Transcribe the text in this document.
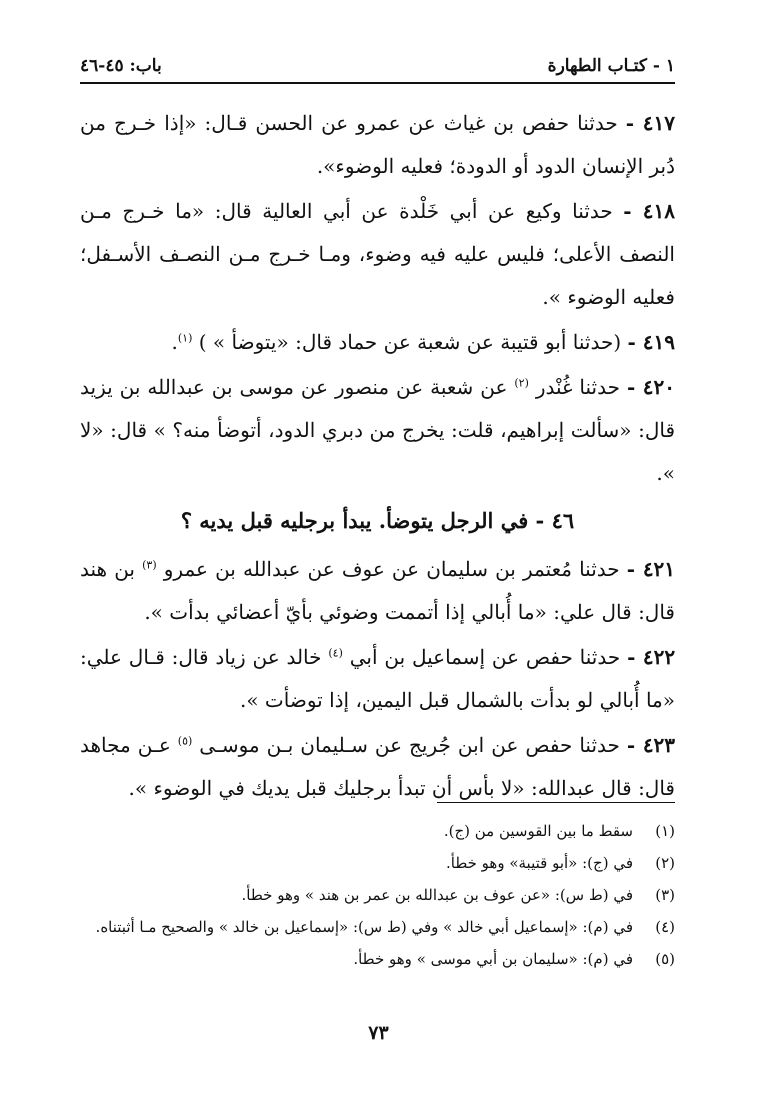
١ - كتـاب الطهارة
باب: ٤٥-٤٦

٤١٧ - حدثنا حفص بن غياث عن عمرو عن الحسن قـال: «إذا خـرج من دُبر الإنسان الدود أو الدودة؛ فعليه الوضوء».

٤١٨ - حدثنا وكيع عن أبي خَلْدة عن أبي العالية قال: «ما خـرج مـن النصف الأعلى؛ فليس عليه فيه وضوء، ومـا خـرج مـن النصـف الأسـفل؛ فعليه الوضوء ».

٤١٩ - (حدثنا أبو قتيبة عن شعبة عن حماد قال: «يتوضأ » ) $^{(١)}$.

٤٢٠ - حدثنا غُنْدر $^{(٢)}$ عن شعبة عن منصور عن موسى بن عبدالله بن يزيد قال: «سألت إبراهيم، قلت: يخرج من دبري الدود، أتوضأ منه؟ » قال: «لا ».

٤٦ - في الرجل يتوضأ. يبدأ برجليه قبل يديه ؟

٤٢١ - حدثنا مُعتمر بن سليمان عن عوف عن عبدالله بن عمرو $^{(٣)}$ بن هند قال: قال علي: «ما أُبالي إذا أتممت وضوئي بأيّ أعضائي بدأت ».

٤٢٢ - حدثنا حفص عن إسماعيل بن أبي $^{(٤)}$ خالد عن زياد قال: قـال علي: «ما أُبالي لو بدأت بالشمال قبل اليمين، إذا توضأت ».

٤٢٣ - حدثنا حفص عن ابن جُريج عن سـليمان بـن موسـى $^{(٥)}$ عـن مجاهد قال: قال عبدالله: «لا بأس أن تبدأ برجليك قبل يديك في الوضوء ».

(١)
سقط ما بين القوسين من (ج).
(٢)
في (ج): «أبو قتيبة» وهو خطأ.
(٣)
في (ط س): «عن عوف بن عبدالله بن عمر بن هند » وهو خطأ.
(٤)
في (م): «إسماعيل أبي خالد » وفي (ط س): «إسماعيل بن خالد » والصحيح مـا أثبتناه.
(٥)
في (م): «سليمان بن أبي موسى » وهو خطأ.
٧٣
